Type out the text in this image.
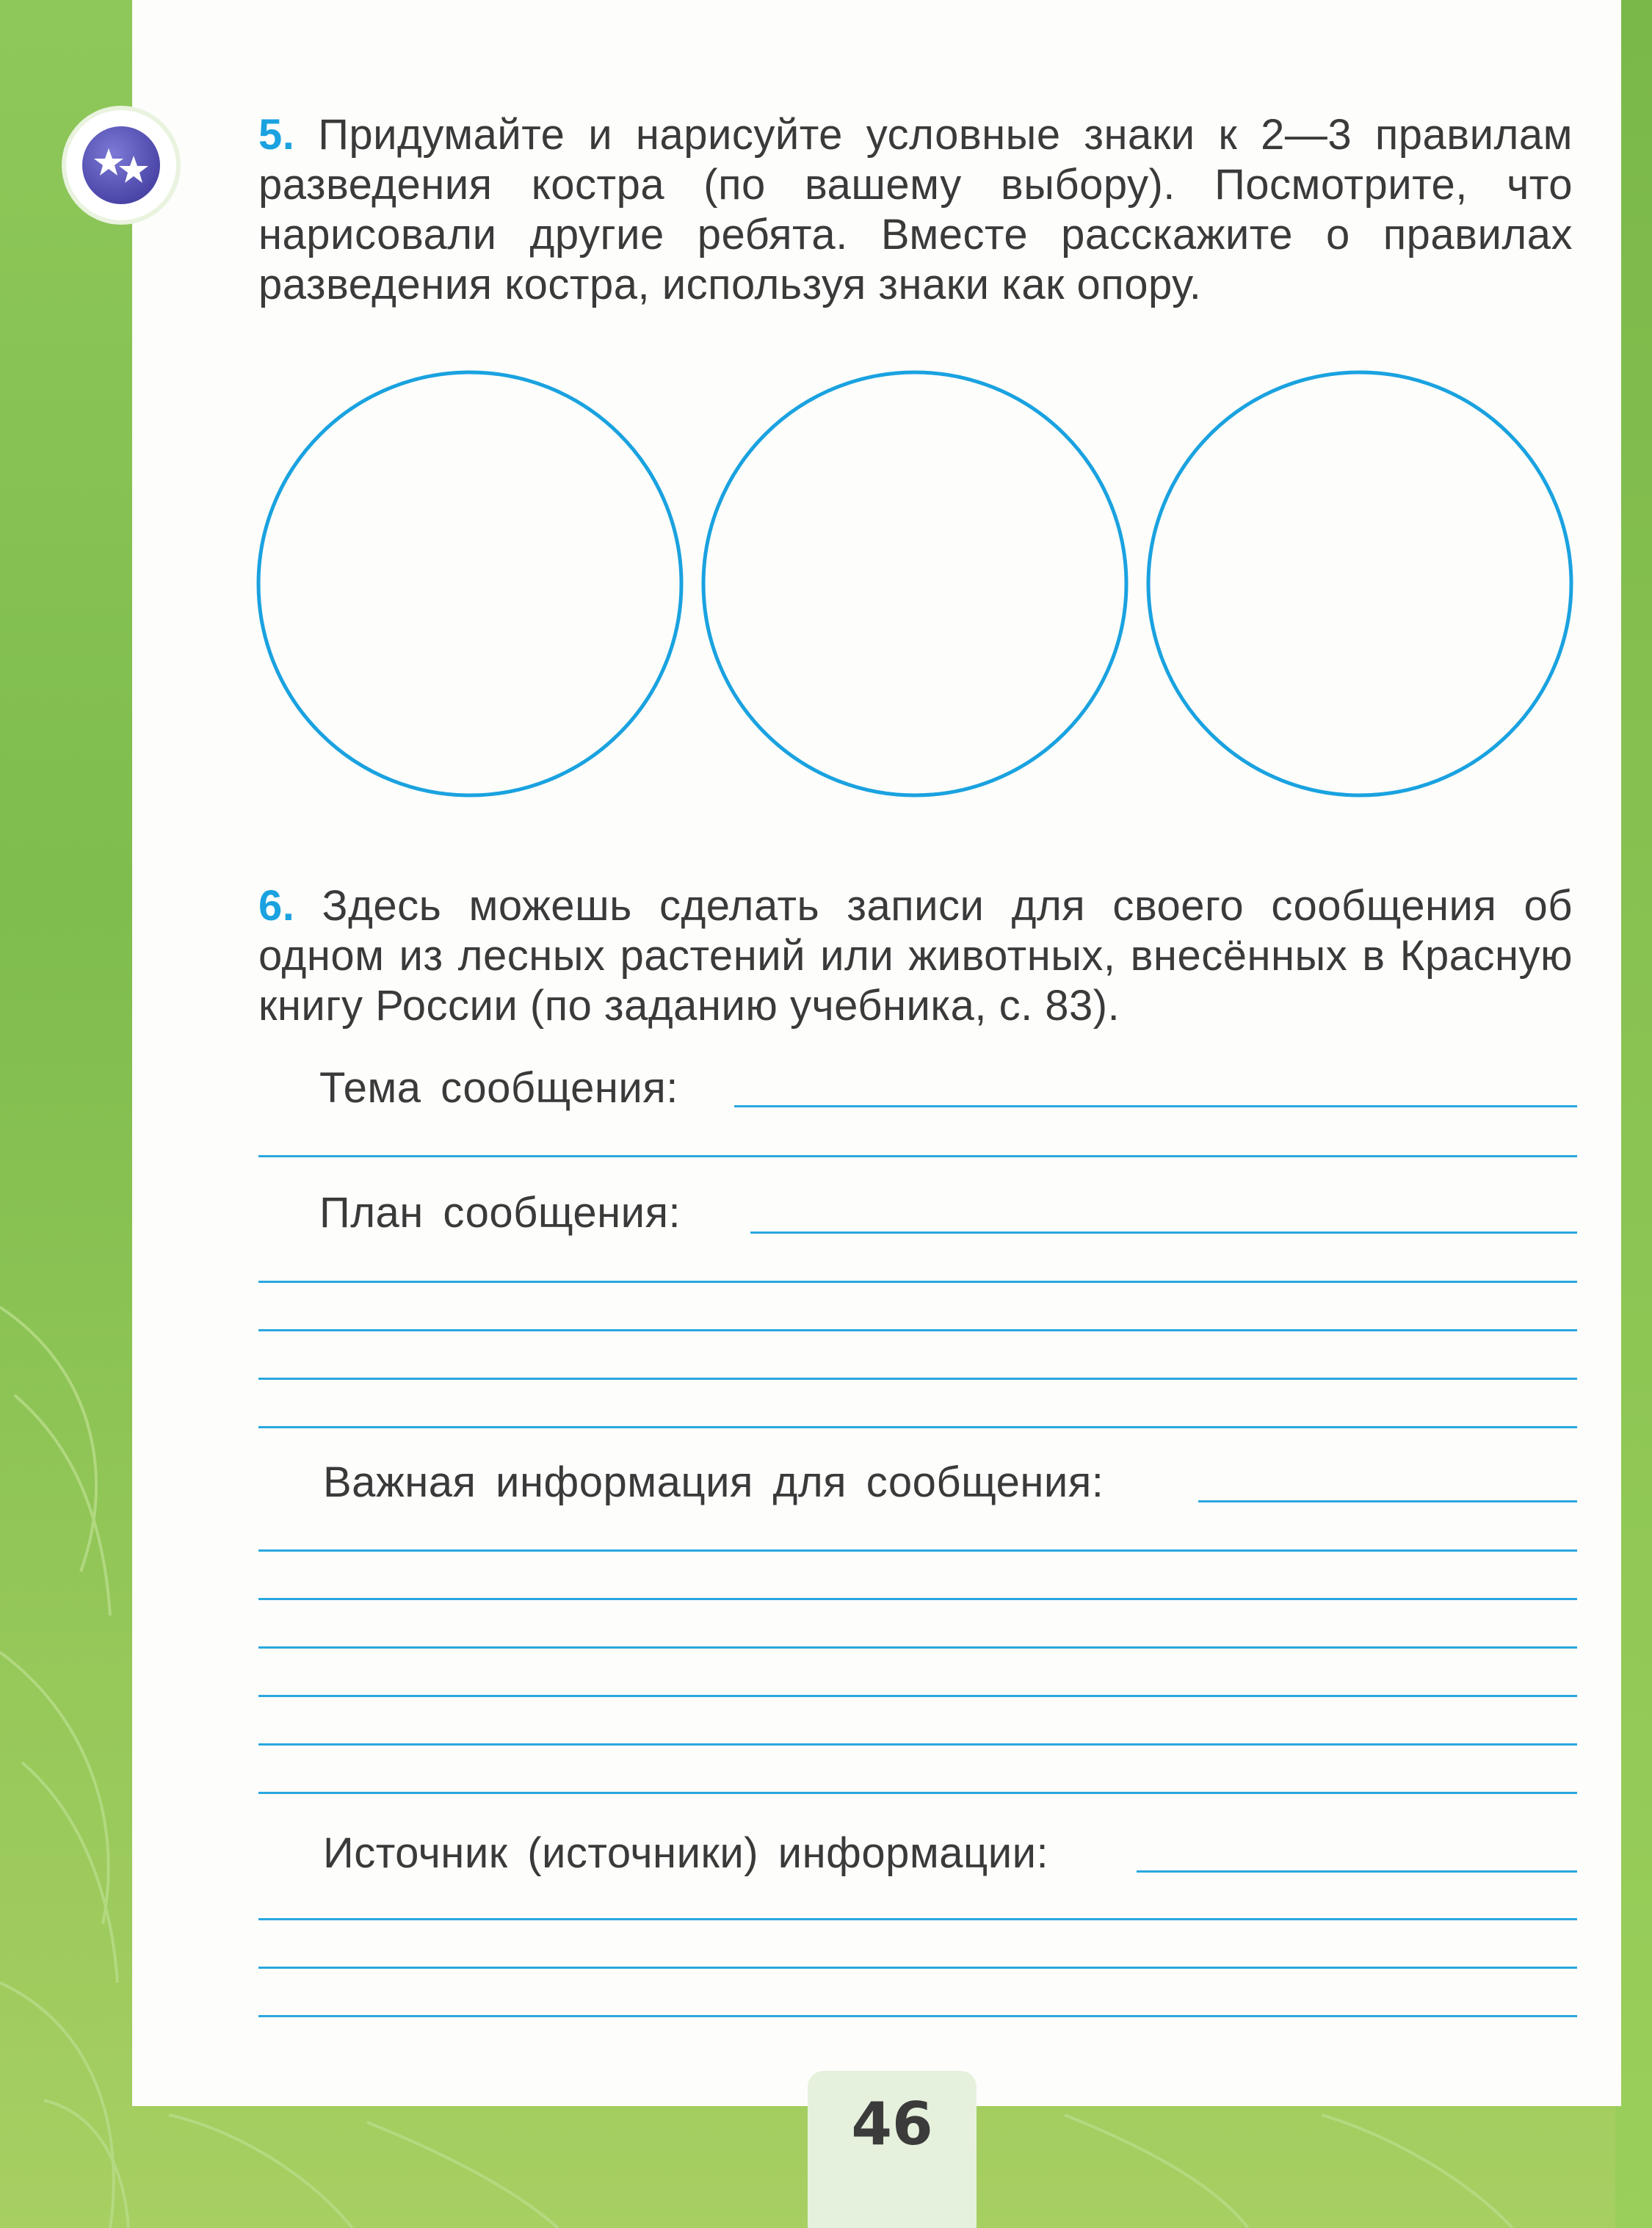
5. Придумайте и нарисуйте условные знаки к 2—3 правилам разведения костра (по вашему выбору). Посмотрите, что нарисовали другие ребята. Вместе расскажите о правилах разведения костра, используя знаки как опору.

6. Здесь можешь сделать записи для своего сообщения об одном из лесных растений или животных, внесённых в Красную книгу России (по заданию учебника, с. 83).

Тема сообщения:
План сообщения:
Важная информация для сообщения:
Источник (источники) информации:
46
